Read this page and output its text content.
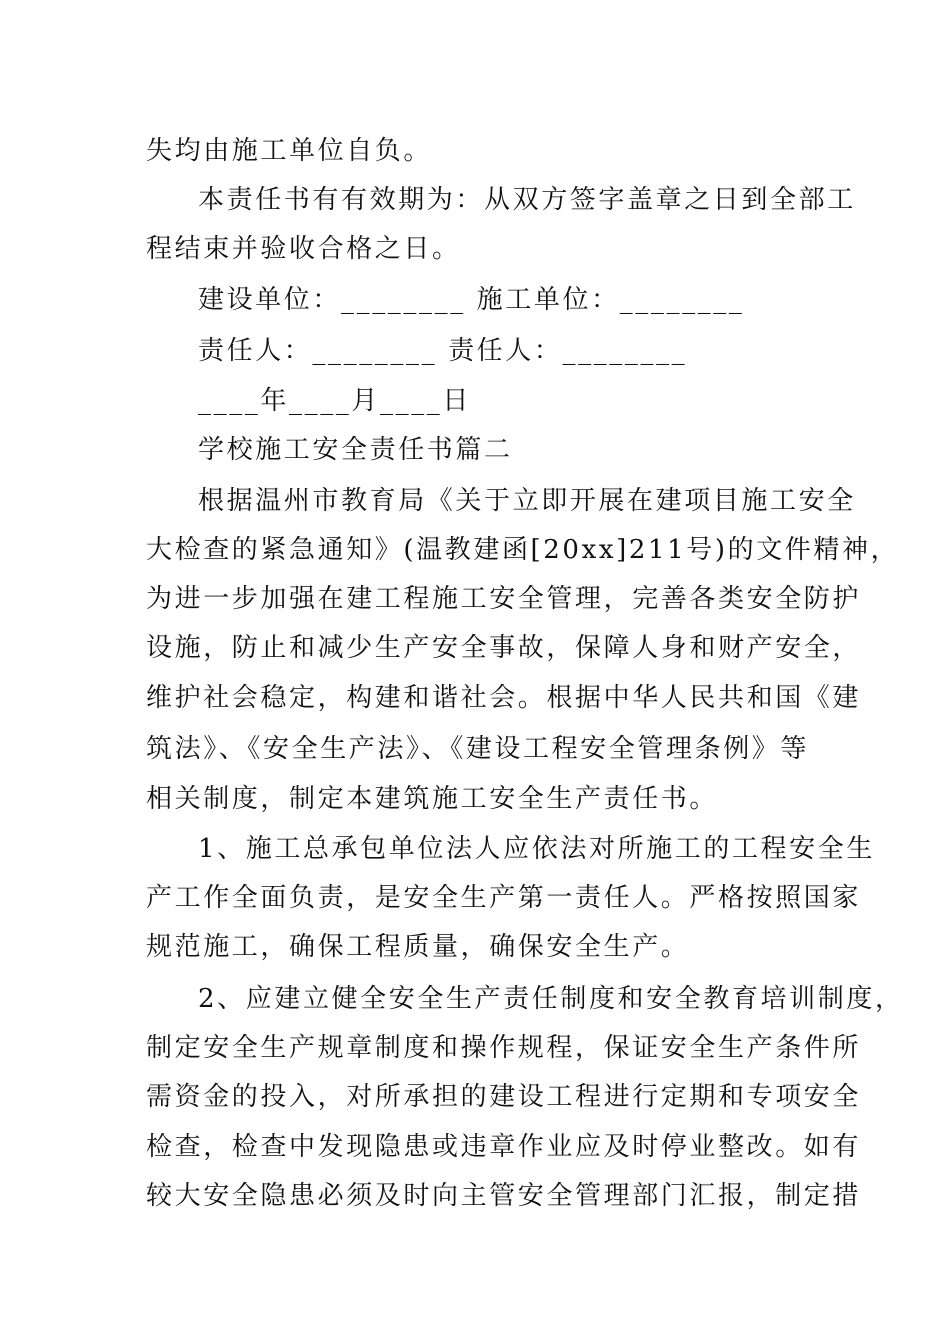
失均由施工单位自负。
本责任书有有效期为：从双方签字盖章之日到全部工
程结束并验收合格之日。
建设单位：________ 施工单位：________
责任人：________ 责任人：________
____年____月____日
学校施工安全责任书篇二
根据温州市教育局《关于立即开展在建项目施工安全
大检查的紧急通知》(温教建函[20xx]211号)的文件精神，
为进一步加强在建工程施工安全管理，完善各类安全防护
设施，防止和减少生产安全事故，保障人身和财产安全，
维护社会稳定，构建和谐社会。根据中华人民共和国《建
筑法》、《安全生产法》、《建设工程安全管理条例》等
相关制度，制定本建筑施工安全生产责任书。
1、施工总承包单位法人应依法对所施工的工程安全生
产工作全面负责，是安全生产第一责任人。严格按照国家
规范施工，确保工程质量，确保安全生产。
2、应建立健全安全生产责任制度和安全教育培训制度，
制定安全生产规章制度和操作规程，保证安全生产条件所
需资金的投入，对所承担的建设工程进行定期和专项安全
检查，检查中发现隐患或违章作业应及时停业整改。如有
较大安全隐患必须及时向主管安全管理部门汇报，制定措
